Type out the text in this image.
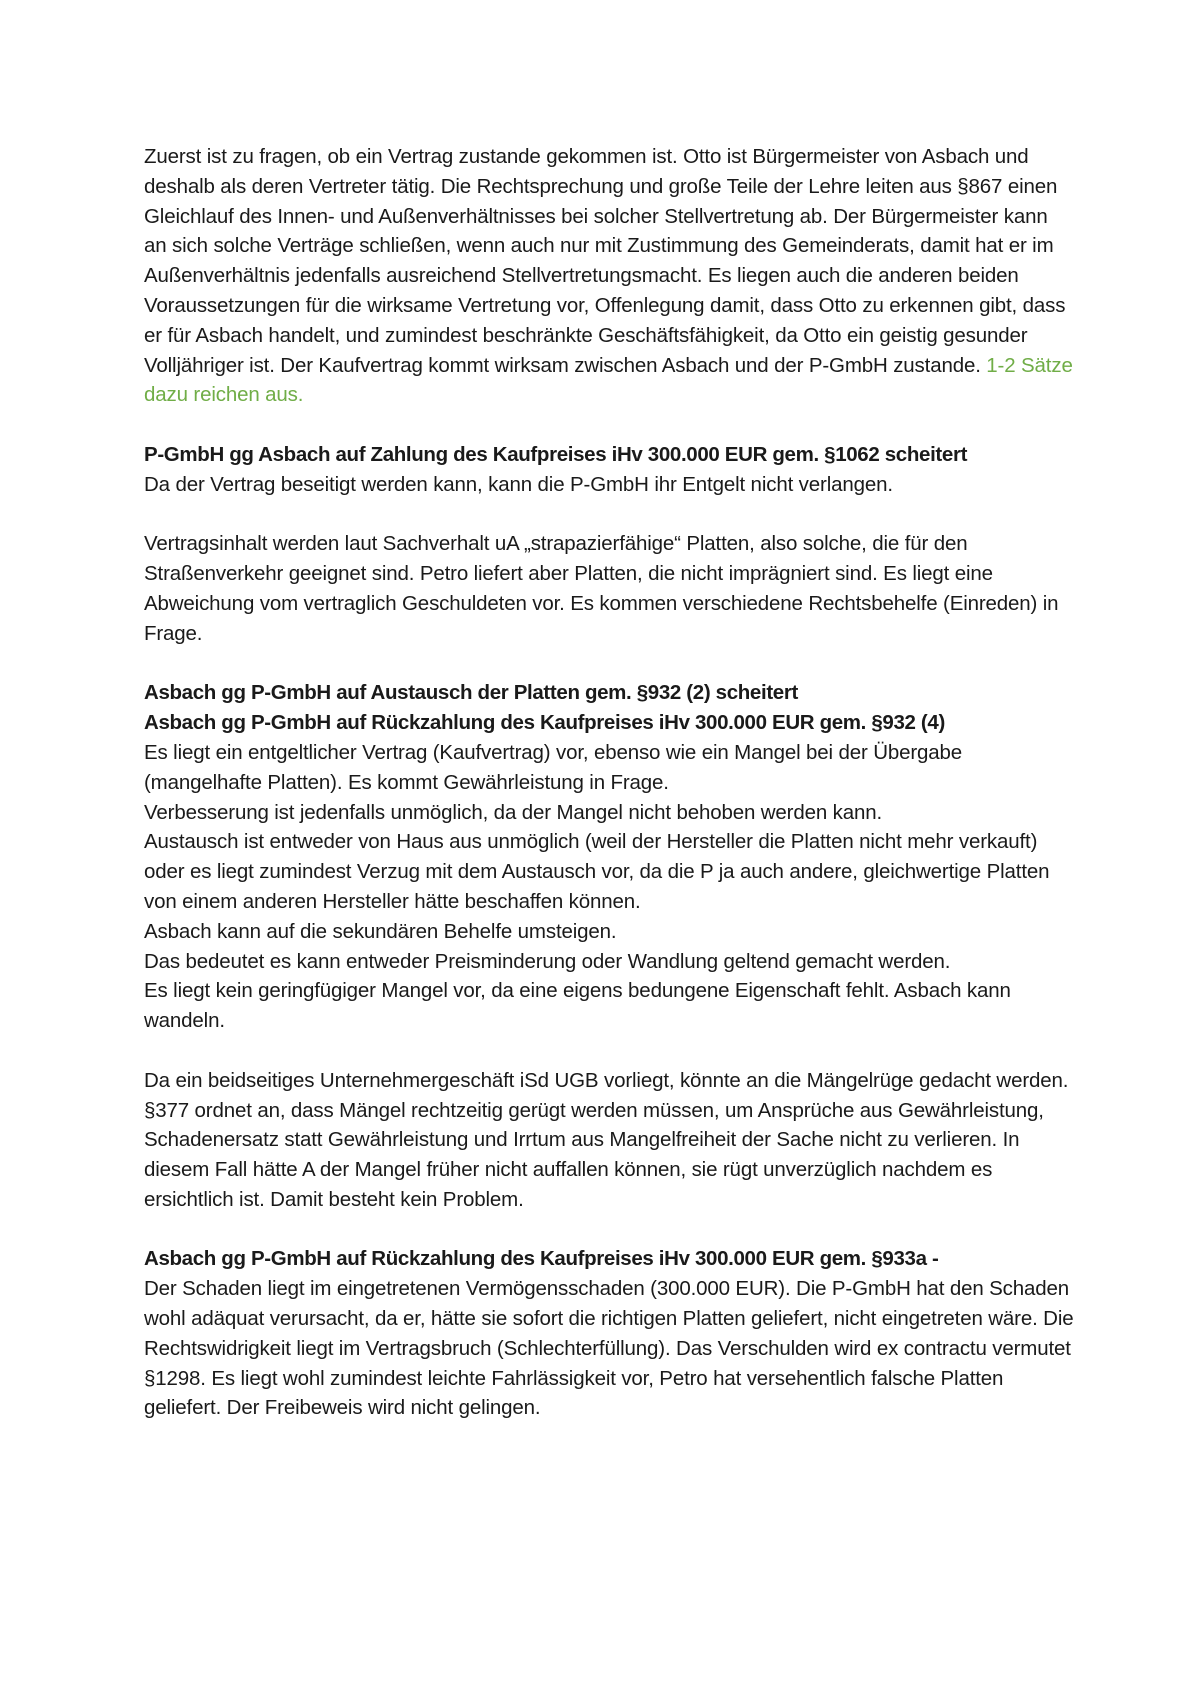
Zuerst ist zu fragen, ob ein Vertrag zustande gekommen ist. Otto ist Bürgermeister von Asbach und deshalb als deren Vertreter tätig. Die Rechtsprechung und große Teile der Lehre leiten aus §867 einen Gleichlauf des Innen- und Außenverhältnisses bei solcher Stellvertretung ab. Der Bürgermeister kann an sich solche Verträge schließen, wenn auch nur mit Zustimmung des Gemeinderats, damit hat er im Außenverhältnis jedenfalls ausreichend Stellvertretungsmacht. Es liegen auch die anderen beiden Voraussetzungen für die wirksame Vertretung vor, Offenlegung damit, dass Otto zu erkennen gibt, dass er für Asbach handelt, und zumindest beschränkte Geschäftsfähigkeit, da Otto ein geistig gesunder Volljähriger ist. Der Kaufvertrag kommt wirksam zwischen Asbach und der P-GmbH zustande. 1-2 Sätze dazu reichen aus.

P-GmbH gg Asbach auf Zahlung des Kaufpreises iHv 300.000 EUR gem. §1062 scheitert

Da der Vertrag beseitigt werden kann, kann die P-GmbH ihr Entgelt nicht verlangen.

Vertragsinhalt werden laut Sachverhalt uA „strapazierfähige“ Platten, also solche, die für den Straßenverkehr geeignet sind. Petro liefert aber Platten, die nicht imprägniert sind. Es liegt eine Abweichung vom vertraglich Geschuldeten vor. Es kommen verschiedene Rechtsbehelfe (Einreden) in Frage.

Asbach gg P-GmbH auf Austausch der Platten gem. §932 (2) scheitert

Asbach gg P-GmbH auf Rückzahlung des Kaufpreises iHv 300.000 EUR gem. §932 (4)

Es liegt ein entgeltlicher Vertrag (Kaufvertrag) vor, ebenso wie ein Mangel bei der Übergabe (mangelhafte Platten). Es kommt Gewährleistung in Frage.

Verbesserung ist jedenfalls unmöglich, da der Mangel nicht behoben werden kann.

Austausch ist entweder von Haus aus unmöglich (weil der Hersteller die Platten nicht mehr verkauft) oder es liegt zumindest Verzug mit dem Austausch vor, da die P ja auch andere, gleichwertige Platten von einem anderen Hersteller hätte beschaffen können.

Asbach kann auf die sekundären Behelfe umsteigen.

Das bedeutet es kann entweder Preisminderung oder Wandlung geltend gemacht werden.

Es liegt kein geringfügiger Mangel vor, da eine eigens bedungene Eigenschaft fehlt. Asbach kann wandeln.

Da ein beidseitiges Unternehmergeschäft iSd UGB vorliegt, könnte an die Mängelrüge gedacht werden. §377 ordnet an, dass Mängel rechtzeitig gerügt werden müssen, um Ansprüche aus Gewährleistung, Schadenersatz statt Gewährleistung und Irrtum aus Mangelfreiheit der Sache nicht zu verlieren. In diesem Fall hätte A der Mangel früher nicht auffallen können, sie rügt unverzüglich nachdem es ersichtlich ist. Damit besteht kein Problem.

Asbach gg P-GmbH auf Rückzahlung des Kaufpreises iHv 300.000 EUR gem. §933a -

Der Schaden liegt im eingetretenen Vermögensschaden (300.000 EUR). Die P-GmbH hat den Schaden wohl adäquat verursacht, da er, hätte sie sofort die richtigen Platten geliefert, nicht eingetreten wäre. Die Rechtswidrigkeit liegt im Vertragsbruch (Schlechterfüllung). Das Verschulden wird ex contractu vermutet §1298. Es liegt wohl zumindest leichte Fahrlässigkeit vor, Petro hat versehentlich falsche Platten geliefert. Der Freibeweis wird nicht gelingen.
